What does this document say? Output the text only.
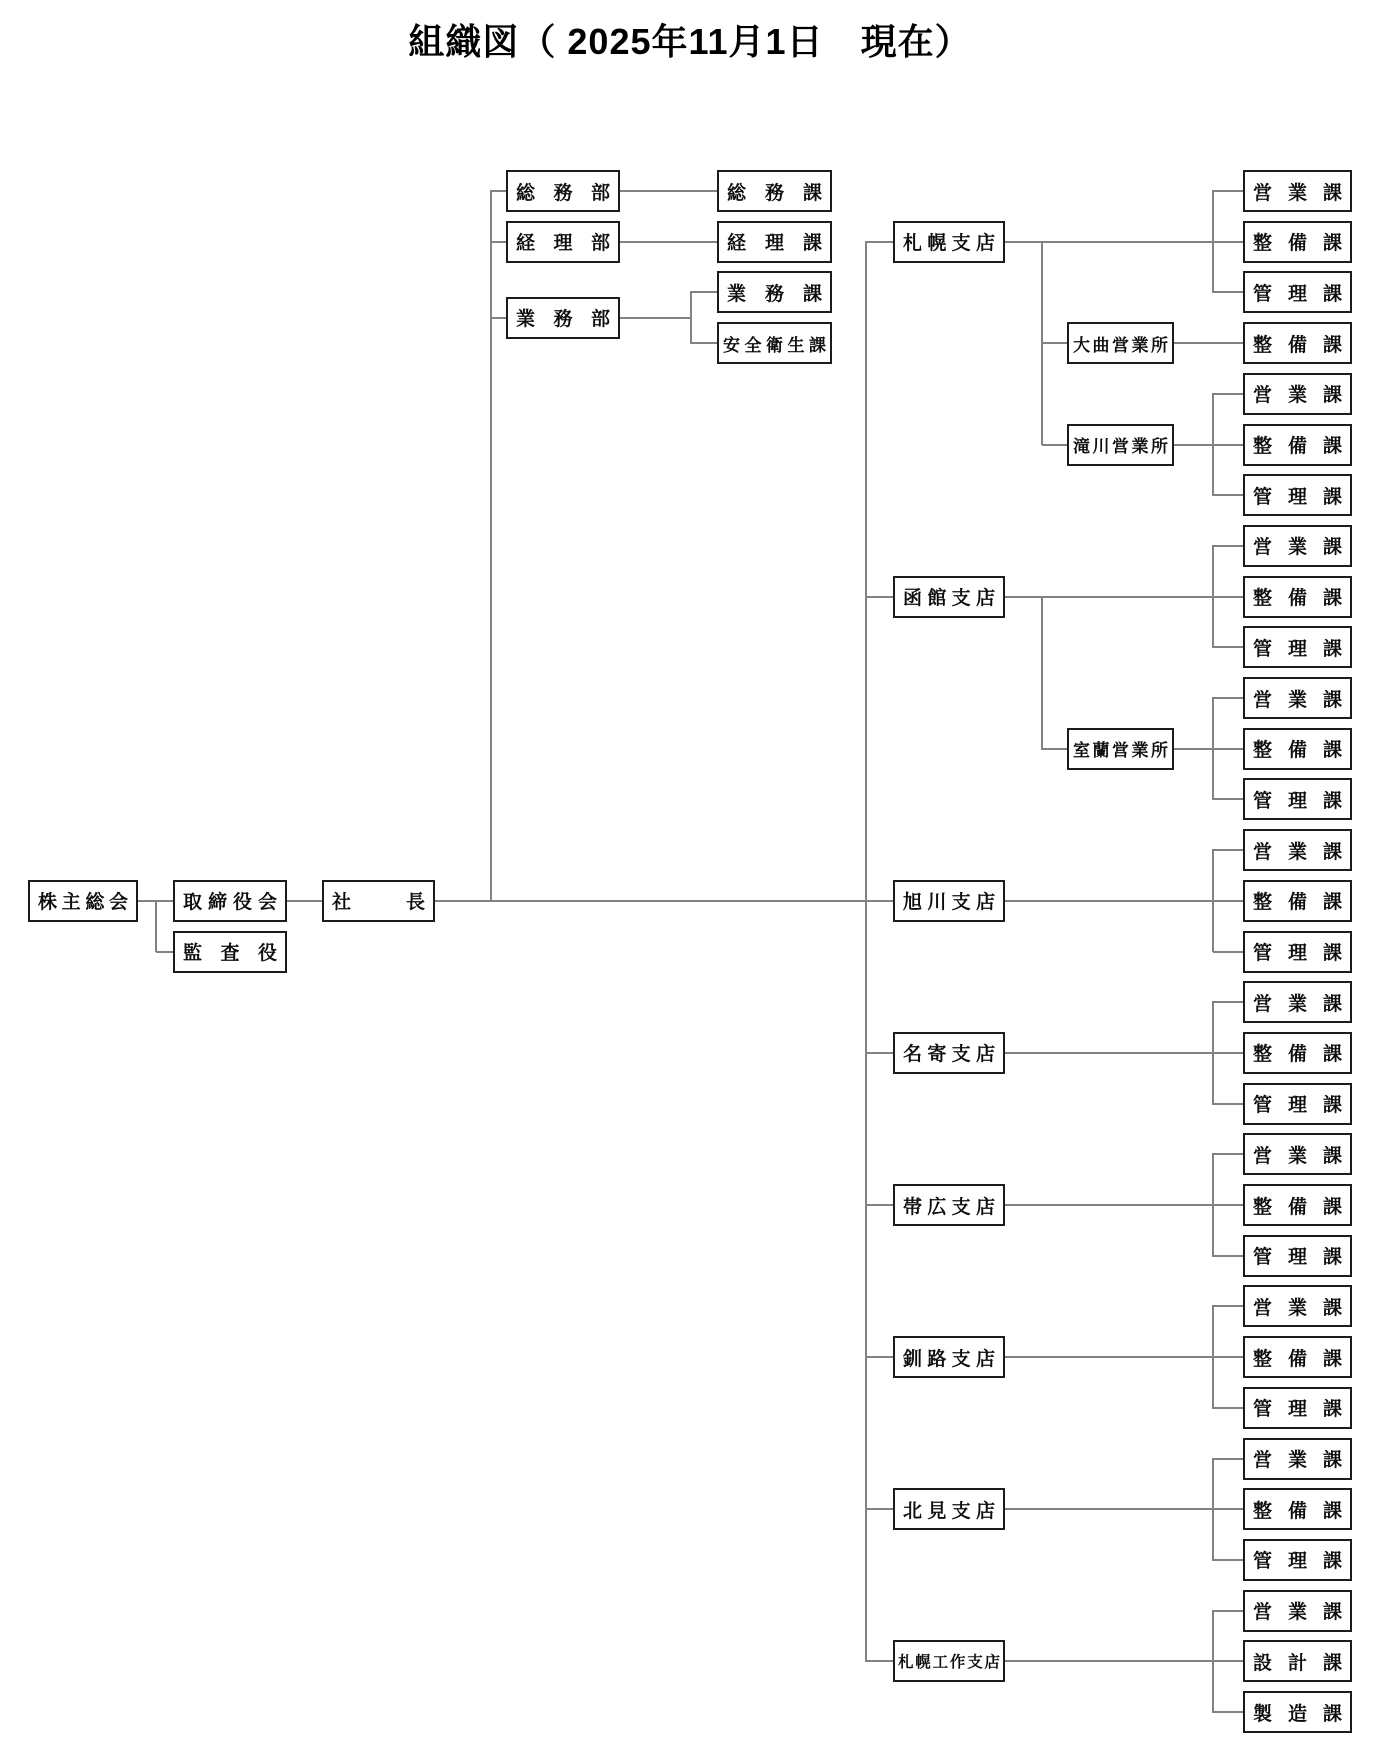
組織図（ 2025年11月1日　現在）
株 主 総 会	取 締 役 会
監 査 役
社	長
総 務 部	総 務 課
経 理 部	経 理 課
業 務 部
業 務 課
安 全 衛 生 課
札 幌 支 店
営 業 課
整 備 課
管 理 課
大 曲 営 業 所	整 備 課
滝 川 営 業 所
営 業 課
整 備 課
管 理 課
函 館 支 店
営 業 課
整 備 課
管 理 課
室 蘭 営 業 所
営 業 課
整 備 課
管 理 課
旭 川 支 店
営 業 課
整 備 課
管 理 課
名 寄 支 店
営 業 課
整 備 課
管 理 課
帯 広 支 店
営 業 課
整 備 課
管 理 課
釧 路 支 店
営 業 課
整 備 課
管 理 課
北 見 支 店
営 業 課
整 備 課
管 理 課
札 幌 工 作 支 店
営 業 課
設 計 課
製 造 課
